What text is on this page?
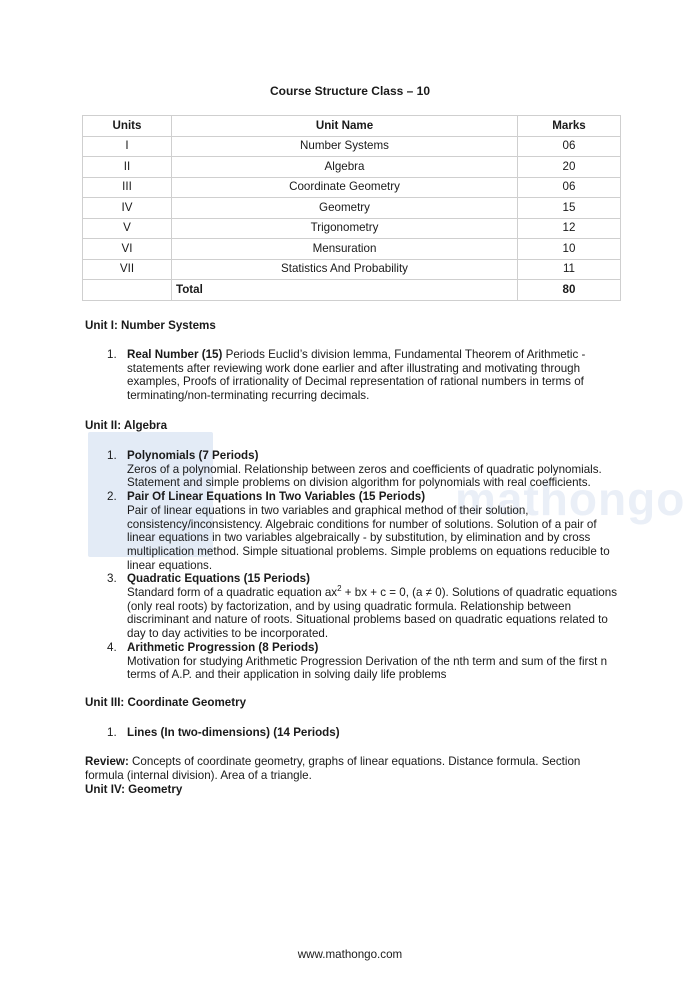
mathongo
Course Structure Class – 10
Units	Unit Name	Marks
I	Number Systems	06
II	Algebra	20
III	Coordinate Geometry	06
IV	Geometry	15
V	Trigonometry	12
VI	Mensuration	10
VII	Statistics And Probability	11
	Total	80
Unit I: Number Systems
1. Real Number (15) Periods Euclid’s division lemma, Fundamental Theorem of Arithmetic - statements after reviewing work done earlier and after illustrating and motivating through examples, Proofs of irrationality of Decimal representation of rational numbers in terms of terminating/non-terminating recurring decimals.
Unit II: Algebra
1. Polynomials (7 Periods)
Zeros of a polynomial. Relationship between zeros and coefficients of quadratic polynomials. Statement and simple problems on division algorithm for polynomials with real coefficients.
2. Pair Of Linear Equations In Two Variables (15 Periods)
Pair of linear equations in two variables and graphical method of their solution, consistency/inconsistency. Algebraic conditions for number of solutions. Solution of a pair of linear equations in two variables algebraically - by substitution, by elimination and by cross multiplication method. Simple situational problems. Simple problems on equations reducible to linear equations.
3. Quadratic Equations (15 Periods)
Standard form of a quadratic equation $ax^2$ + bx + c = 0, (a ≠ 0). Solutions of quadratic equations (only real roots) by factorization, and by using quadratic formula. Relationship between discriminant and nature of roots. Situational problems based on quadratic equations related to day to day activities to be incorporated.
4. Arithmetic Progression (8 Periods)
Motivation for studying Arithmetic Progression Derivation of the nth term and sum of the first n terms of A.P. and their application in solving daily life problems
Unit III: Coordinate Geometry
1. Lines (In two-dimensions) (14 Periods)
Review: Concepts of coordinate geometry, graphs of linear equations. Distance formula. Section formula (internal division). Area of a triangle.
Unit IV: Geometry
www.mathongo.com
